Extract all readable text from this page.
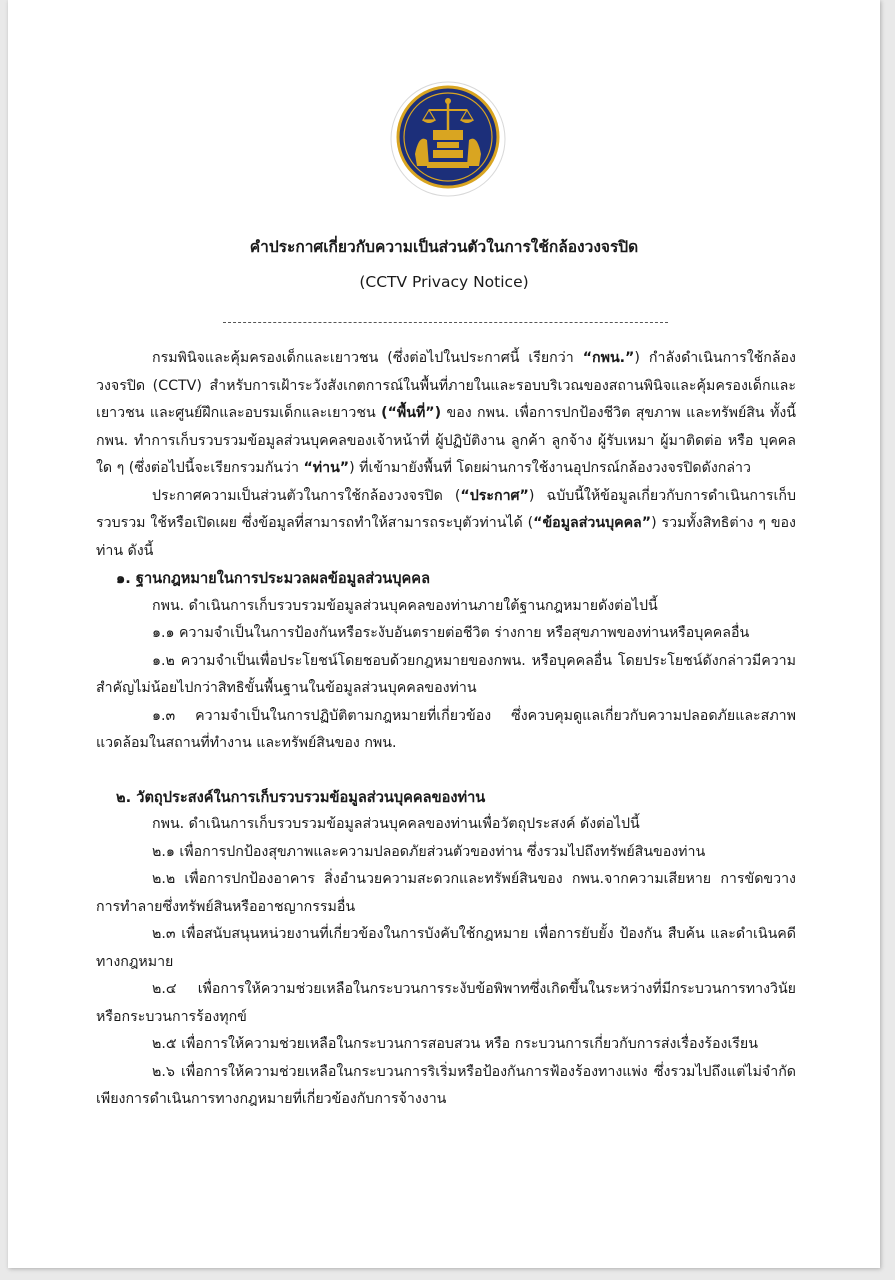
คำประกาศเกี่ยวกับความเป็นส่วนตัวในการใช้กล้องวงจรปิด
(CCTV Privacy Notice)

กรมพินิจและคุ้มครองเด็กและเยาวชน (ซึ่งต่อไปในประกาศนี้ เรียกว่า “กพน.”) กำลังดำเนินการใช้กล้องวงจรปิด (CCTV) สำหรับการเฝ้าระวังสังเกตการณ์ในพื้นที่ภายในและรอบบริเวณของสถานพินิจและคุ้มครองเด็กและเยาวชน และศูนย์ฝึกและอบรมเด็กและเยาวชน (“พื้นที่”) ของ กพน. เพื่อการปกป้องชีวิต สุขภาพ และทรัพย์สิน ทั้งนี้ กพน. ทำการเก็บรวบรวมข้อมูลส่วนบุคคลของเจ้าหน้าที่ ผู้ปฏิบัติงาน ลูกค้า ลูกจ้าง ผู้รับเหมา ผู้มาติดต่อ หรือ บุคคลใด ๆ (ซึ่งต่อไปนี้จะเรียกรวมกันว่า “ท่าน”) ที่เข้ามายังพื้นที่ โดยผ่านการใช้งานอุปกรณ์กล้องวงจรปิดดังกล่าว

ประกาศความเป็นส่วนตัวในการใช้กล้องวงจรปิด (“ประกาศ”) ฉบับนี้ให้ข้อมูลเกี่ยวกับการดำเนินการเก็บรวบรวม ใช้หรือเปิดเผย ซึ่งข้อมูลที่สามารถทำให้สามารถระบุตัวท่านได้ (“ข้อมูลส่วนบุคคล”) รวมทั้งสิทธิต่าง ๆ ของท่าน ดังนี้

๑. ฐานกฎหมายในการประมวลผลข้อมูลส่วนบุคคล

กพน. ดำเนินการเก็บรวบรวมข้อมูลส่วนบุคคลของท่านภายใต้ฐานกฎหมายดังต่อไปนี้

๑.๑ ความจำเป็นในการป้องกันหรือระงับอันตรายต่อชีวิต ร่างกาย หรือสุขภาพของท่านหรือบุคคลอื่น

๑.๒ ความจำเป็นเพื่อประโยชน์โดยชอบด้วยกฎหมายของกพน. หรือบุคคลอื่น โดยประโยชน์ดังกล่าวมีความสำคัญไม่น้อยไปกว่าสิทธิขั้นพื้นฐานในข้อมูลส่วนบุคคลของท่าน

๑.๓ ความจำเป็นในการปฏิบัติตามกฎหมายที่เกี่ยวข้อง ซึ่งควบคุมดูแลเกี่ยวกับความปลอดภัยและสภาพแวดล้อมในสถานที่ทำงาน และทรัพย์สินของ กพน.

๒. วัตถุประสงค์ในการเก็บรวบรวมข้อมูลส่วนบุคคลของท่าน

กพน. ดำเนินการเก็บรวบรวมข้อมูลส่วนบุคคลของท่านเพื่อวัตถุประสงค์ ดังต่อไปนี้

๒.๑ เพื่อการปกป้องสุขภาพและความปลอดภัยส่วนตัวของท่าน ซึ่งรวมไปถึงทรัพย์สินของท่าน

๒.๒ เพื่อการปกป้องอาคาร สิ่งอำนวยความสะดวกและทรัพย์สินของ กพน.จากความเสียหาย การขัดขวาง การทำลายซึ่งทรัพย์สินหรืออาชญากรรมอื่น

๒.๓ เพื่อสนับสนุนหน่วยงานที่เกี่ยวข้องในการบังคับใช้กฎหมาย เพื่อการยับยั้ง ป้องกัน สืบค้น และดำเนินคดีทางกฎหมาย

๒.๔ เพื่อการให้ความช่วยเหลือในกระบวนการระงับข้อพิพาทซึ่งเกิดขึ้นในระหว่างที่มีกระบวนการทางวินัยหรือกระบวนการร้องทุกข์

๒.๕ เพื่อการให้ความช่วยเหลือในกระบวนการสอบสวน หรือ กระบวนการเกี่ยวกับการส่งเรื่องร้องเรียน

๒.๖ เพื่อการให้ความช่วยเหลือในกระบวนการริเริ่มหรือป้องกันการฟ้องร้องทางแพ่ง ซึ่งรวมไปถึงแต่ไม่จำกัดเพียงการดำเนินการทางกฎหมายที่เกี่ยวข้องกับการจ้างงาน
